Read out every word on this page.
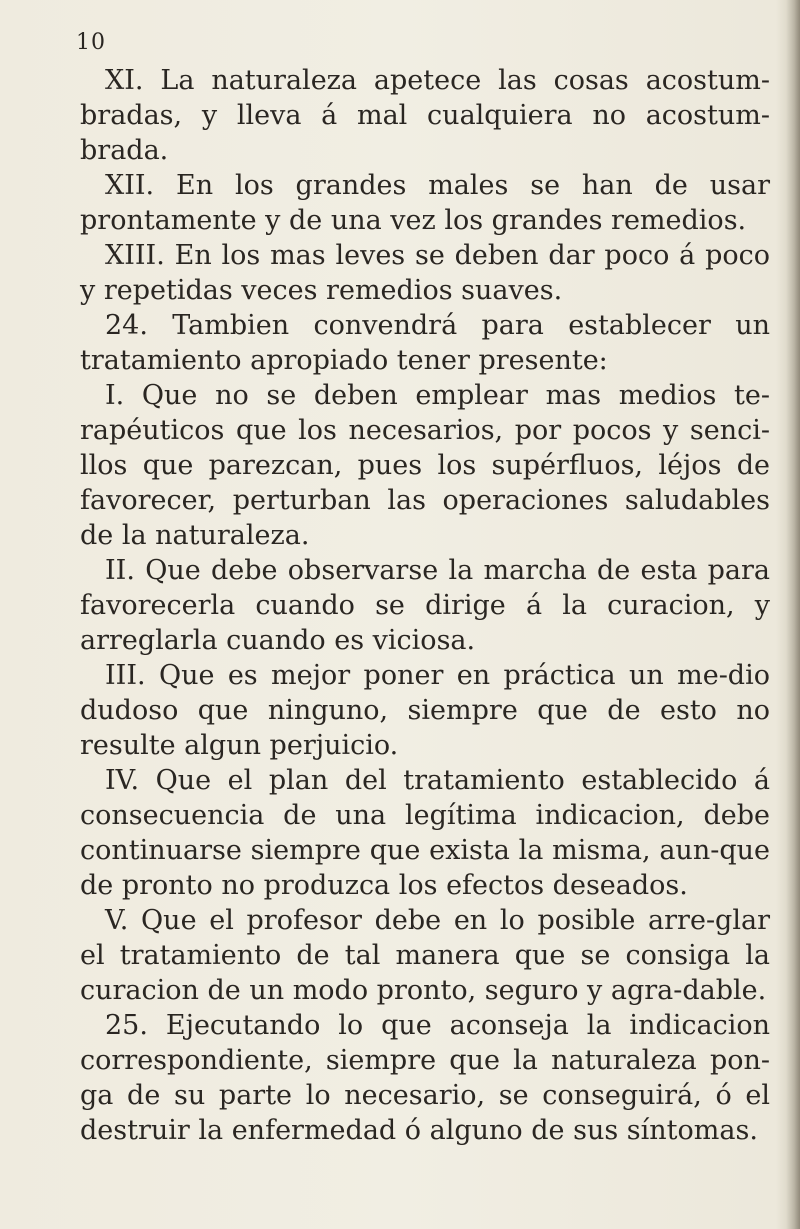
10

XI. La naturaleza apetece las cosas acostum-bradas, y lleva á mal cualquiera no acostum-brada.

XII. En los grandes males se han de usar prontamente y de una vez los grandes remedios.

XIII. En los mas leves se deben dar poco á poco y repetidas veces remedios suaves.

24. Tambien convendrá para establecer un tratamiento apropiado tener presente:

I. Que no se deben emplear mas medios te-rapéuticos que los necesarios, por pocos y senci-llos que parezcan, pues los supérfluos, léjos de favorecer, perturban las operaciones saludables de la naturaleza.

II. Que debe observarse la marcha de esta para favorecerla cuando se dirige á la curacion, y arreglarla cuando es viciosa.

III. Que es mejor poner en práctica un me-dio dudoso que ninguno, siempre que de esto no resulte algun perjuicio.

IV. Que el plan del tratamiento establecido á consecuencia de una legítima indicacion, debe continuarse siempre que exista la misma, aun-que de pronto no produzca los efectos deseados.

V. Que el profesor debe en lo posible arre-glar el tratamiento de tal manera que se consiga la curacion de un modo pronto, seguro y agra-dable.

25. Ejecutando lo que aconseja la indicacion correspondiente, siempre que la naturaleza pon-ga de su parte lo necesario, se conseguirá, ó el destruir la enfermedad ó alguno de sus síntomas.
